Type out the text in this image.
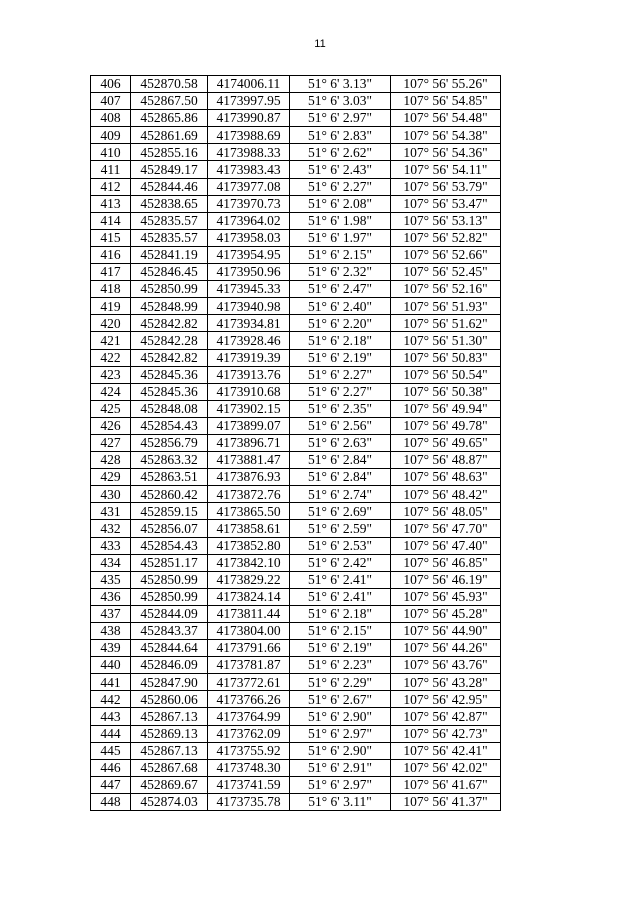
11
406	452870.58	4174006.11	51° 6' 3.13"	107° 56' 55.26"
407	452867.50	4173997.95	51° 6' 3.03"	107° 56' 54.85"
408	452865.86	4173990.87	51° 6' 2.97"	107° 56' 54.48"
409	452861.69	4173988.69	51° 6' 2.83"	107° 56' 54.38"
410	452855.16	4173988.33	51° 6' 2.62"	107° 56' 54.36"
411	452849.17	4173983.43	51° 6' 2.43"	107° 56' 54.11"
412	452844.46	4173977.08	51° 6' 2.27"	107° 56' 53.79"
413	452838.65	4173970.73	51° 6' 2.08"	107° 56' 53.47"
414	452835.57	4173964.02	51° 6' 1.98"	107° 56' 53.13"
415	452835.57	4173958.03	51° 6' 1.97"	107° 56' 52.82"
416	452841.19	4173954.95	51° 6' 2.15"	107° 56' 52.66"
417	452846.45	4173950.96	51° 6' 2.32"	107° 56' 52.45"
418	452850.99	4173945.33	51° 6' 2.47"	107° 56' 52.16"
419	452848.99	4173940.98	51° 6' 2.40"	107° 56' 51.93"
420	452842.82	4173934.81	51° 6' 2.20"	107° 56' 51.62"
421	452842.28	4173928.46	51° 6' 2.18"	107° 56' 51.30"
422	452842.82	4173919.39	51° 6' 2.19"	107° 56' 50.83"
423	452845.36	4173913.76	51° 6' 2.27"	107° 56' 50.54"
424	452845.36	4173910.68	51° 6' 2.27"	107° 56' 50.38"
425	452848.08	4173902.15	51° 6' 2.35"	107° 56' 49.94"
426	452854.43	4173899.07	51° 6' 2.56"	107° 56' 49.78"
427	452856.79	4173896.71	51° 6' 2.63"	107° 56' 49.65"
428	452863.32	4173881.47	51° 6' 2.84"	107° 56' 48.87"
429	452863.51	4173876.93	51° 6' 2.84"	107° 56' 48.63"
430	452860.42	4173872.76	51° 6' 2.74"	107° 56' 48.42"
431	452859.15	4173865.50	51° 6' 2.69"	107° 56' 48.05"
432	452856.07	4173858.61	51° 6' 2.59"	107° 56' 47.70"
433	452854.43	4173852.80	51° 6' 2.53"	107° 56' 47.40"
434	452851.17	4173842.10	51° 6' 2.42"	107° 56' 46.85"
435	452850.99	4173829.22	51° 6' 2.41"	107° 56' 46.19"
436	452850.99	4173824.14	51° 6' 2.41"	107° 56' 45.93"
437	452844.09	4173811.44	51° 6' 2.18"	107° 56' 45.28"
438	452843.37	4173804.00	51° 6' 2.15"	107° 56' 44.90"
439	452844.64	4173791.66	51° 6' 2.19"	107° 56' 44.26"
440	452846.09	4173781.87	51° 6' 2.23"	107° 56' 43.76"
441	452847.90	4173772.61	51° 6' 2.29"	107° 56' 43.28"
442	452860.06	4173766.26	51° 6' 2.67"	107° 56' 42.95"
443	452867.13	4173764.99	51° 6' 2.90"	107° 56' 42.87"
444	452869.13	4173762.09	51° 6' 2.97"	107° 56' 42.73"
445	452867.13	4173755.92	51° 6' 2.90"	107° 56' 42.41"
446	452867.68	4173748.30	51° 6' 2.91"	107° 56' 42.02"
447	452869.67	4173741.59	51° 6' 2.97"	107° 56' 41.67"
448	452874.03	4173735.78	51° 6' 3.11"	107° 56' 41.37"
